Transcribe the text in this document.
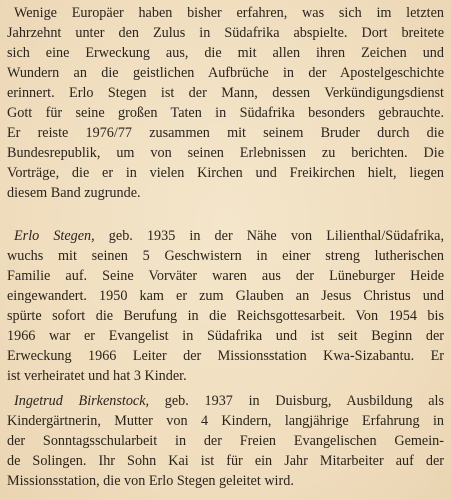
Wenige Europäer haben bisher erfahren, was sich im letzten
Jahrzehnt unter den Zulus in Südafrika abspielte. Dort breitete
sich eine Erweckung aus, die mit allen ihren Zeichen und
Wundern an die geistlichen Aufbrüche in der Apostelgeschichte
erinnert. Erlo Stegen ist der Mann, dessen Verkündigungsdienst
Gott für seine großen Taten in Südafrika besonders gebrauchte.
Er reiste 1976/77 zusammen mit seinem Bruder durch die
Bundesrepublik, um von seinen Erlebnissen zu berichten. Die
Vorträge, die er in vielen Kirchen und Freikirchen hielt, liegen
diesem Band zugrunde.
Erlo Stegen, geb. 1935 in der Nähe von Lilienthal/Südafrika,
wuchs mit seinen 5 Geschwistern in einer streng lutherischen
Familie auf. Seine Vorväter waren aus der Lüneburger Heide
eingewandert. 1950 kam er zum Glauben an Jesus Christus und
spürte sofort die Berufung in die Reichsgottesarbeit. Von 1954 bis
1966 war er Evangelist in Südafrika und ist seit Beginn der
Erweckung 1966 Leiter der Missionsstation Kwa-Sizabantu. Er
ist verheiratet und hat 3 Kinder.
Ingetrud Birkenstock, geb. 1937 in Duisburg, Ausbildung als
Kindergärtnerin, Mutter von 4 Kindern, langjährige Erfahrung in
der Sonntagsschularbeit in der Freien Evangelischen Gemein-
de Solingen. Ihr Sohn Kai ist für ein Jahr Mitarbeiter auf der
Missionsstation, die von Erlo Stegen geleitet wird.
